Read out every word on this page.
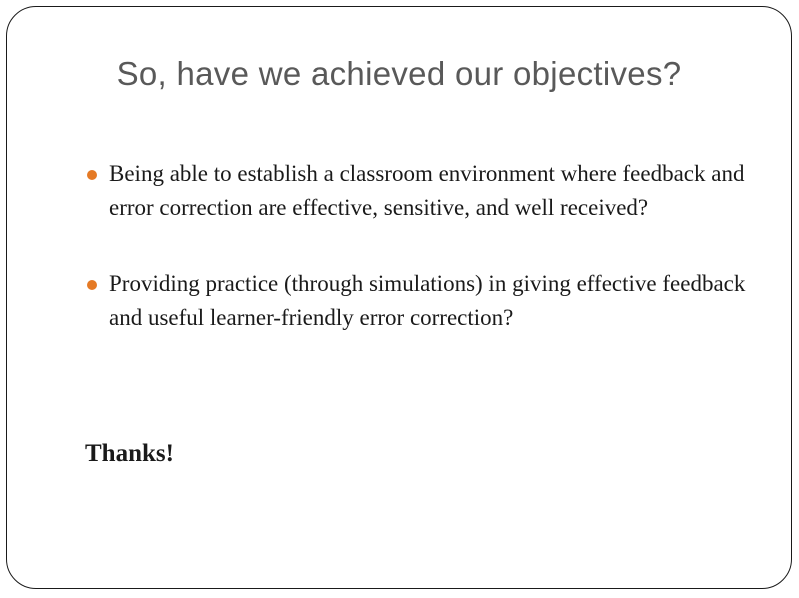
So, have we achieved our objectives?
Being able to establish a classroom environment where feedback and error correction are effective, sensitive, and well received?
Providing practice (through simulations) in giving effective feedback and useful learner-friendly error correction?

Thanks!
